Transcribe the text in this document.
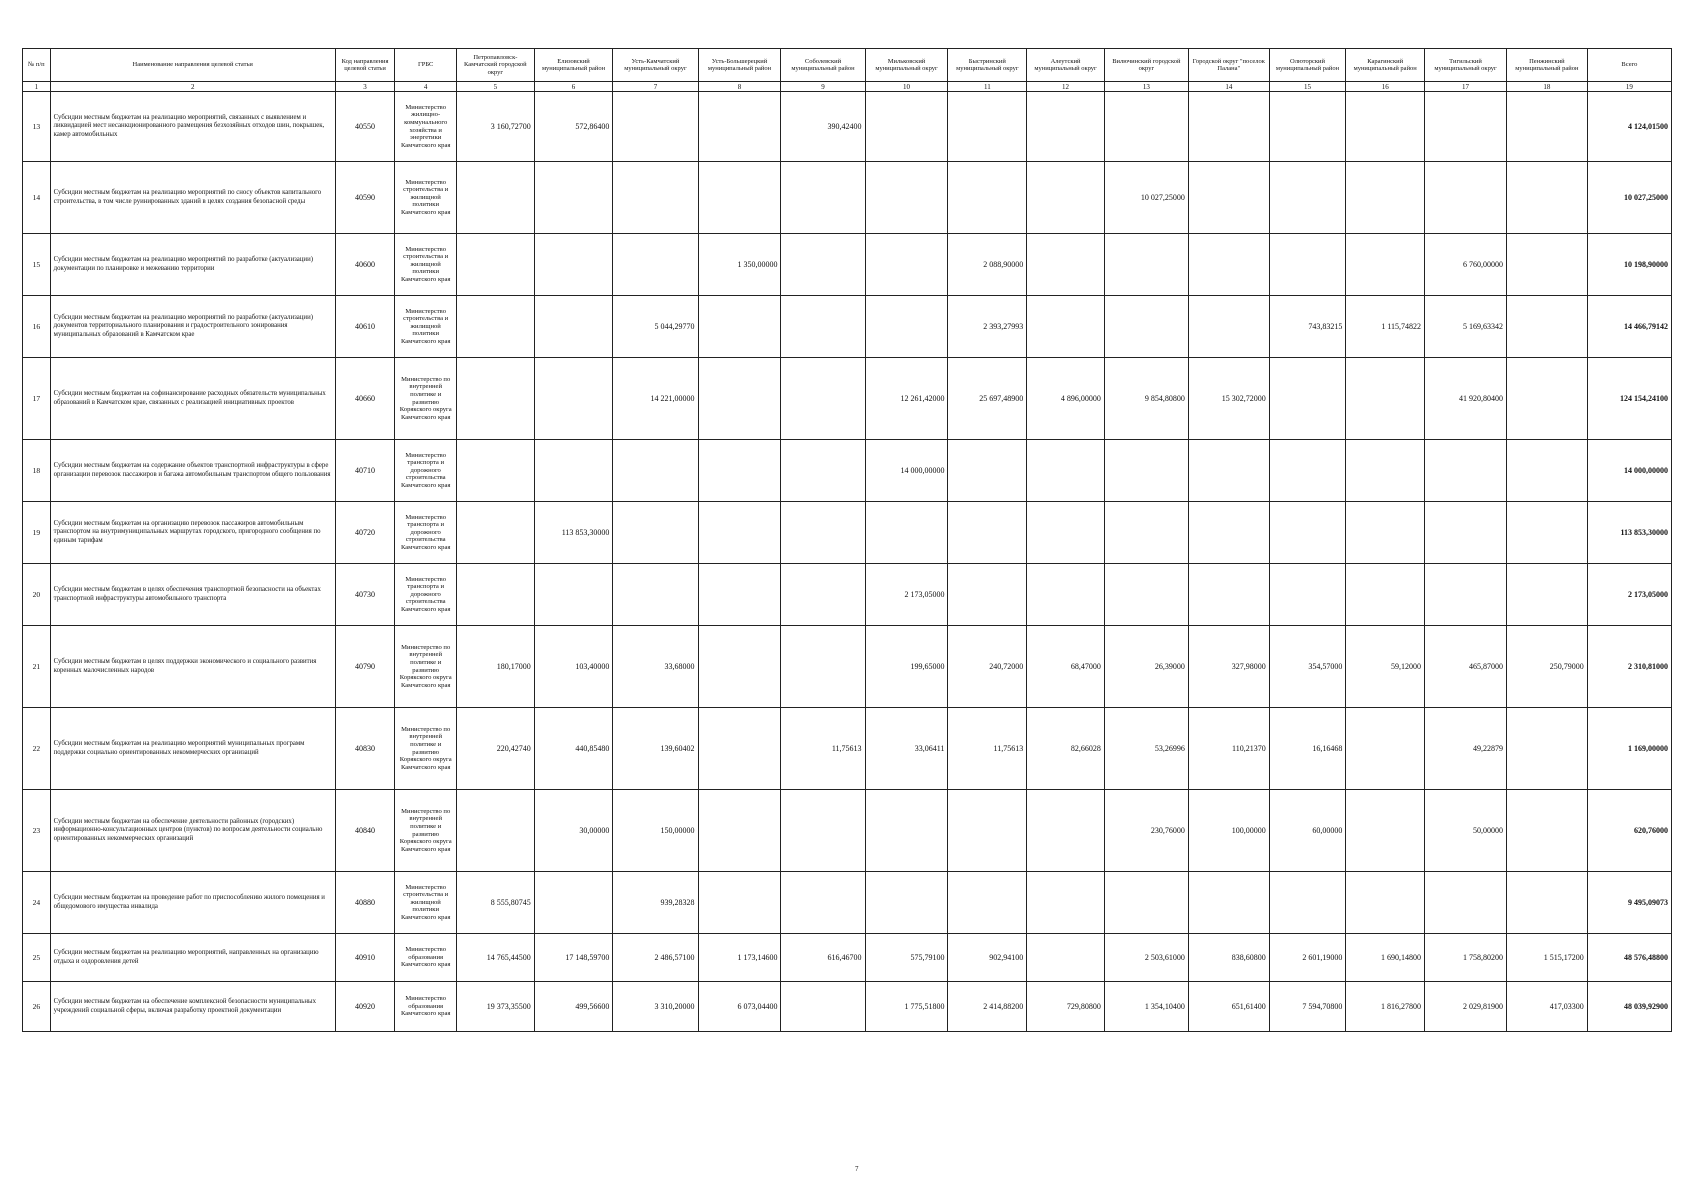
№ п/п	Наименование направления целевой статьи	Код направления целевой статьи	ГРБС	Петропавловск-Камчатский городской округ	Елизовский муниципальный район	Усть-Камчатский муниципальный округ	Усть-Большерецкий муниципальный район	Соболевский муниципальный район	Мильковский муниципальный округ	Быстринский муниципальный округ	Алеутский муниципальный округ	Вилючинский городской округ	Городской округ "поселок Палана"	Олюторский муниципальный район	Карагинский муниципальный район	Тигильский муниципальный округ	Пенжинский муниципальный район	Всего
1	2	3	4	5	6	7	8	9	10	11	12	13	14	15	16	17	18	19
13	Субсидии местным бюджетам на реализацию мероприятий, связанных с выявлением и ликвидацией мест несанкционированного размещения безхозяйных отходов шин, покрышек, камер автомобильных	40550	Министерство жилищно-коммунального хозяйства и энергетики Камчатского края	3 160,72700	572,86400			390,42400										4 124,01500
14	Субсидии местным бюджетам на реализацию мероприятий по сносу объектов капитального строительства, в том числе руинированных зданий в целях создания безопасной среды	40590	Министерство строительства и жилищной политики Камчатского края									10 027,25000						10 027,25000
15	Субсидии местным бюджетам на реализацию мероприятий по разработке (актуализации) документации по планировке и межеванию территории	40600	Министерство строительства и жилищной политики Камчатского края				1 350,00000			2 088,90000						6 760,00000		10 198,90000
16	Субсидии местным бюджетам на реализацию мероприятий по разработке (актуализации) документов территориального планирования и градостроительного зонирования муниципальных образований в Камчатском крае	40610	Министерство строительства и жилищной политики Камчатского края			5 044,29770				2 393,27993				743,83215	1 115,74822	5 169,63342		14 466,79142
17	Субсидии местным бюджетам на софинансирование расходных обязательств муниципальных образований в Камчатском крае, связанных с реализацией инициативных проектов	40660	Министерство по внутренней политике и развитию Корякского округа Камчатского края			14 221,00000			12 261,42000	25 697,48900	4 896,00000	9 854,80800	15 302,72000			41 920,80400		124 154,24100
18	Субсидии местным бюджетам на содержание объектов транспортной инфраструктуры в сфере организации перевозок пассажиров и багажа автомобильным транспортом общего пользования	40710	Министерство транспорта и дорожного строительства Камчатского края						14 000,00000									14 000,00000
19	Субсидии местным бюджетам на организацию перевозок пассажиров автомобильным транспортом на внутримуниципальных маршрутах городского, пригородного сообщения по единым тарифам	40720	Министерство транспорта и дорожного строительства Камчатского края		113 853,30000													113 853,30000
20	Субсидии местным бюджетам в целях обеспечения транспортной безопасности на объектах транспортной инфраструктуры автомобильного транспорта	40730	Министерство транспорта и дорожного строительства Камчатского края						2 173,05000									2 173,05000
21	Субсидии местным бюджетам в целях поддержки экономического и социального развития коренных малочисленных народов	40790	Министерство по внутренней политике и развитию Корякского округа Камчатского края	180,17000	103,40000	33,68000			199,65000	240,72000	68,47000	26,39000	327,98000	354,57000	59,12000	465,87000	250,79000	2 310,81000
22	Субсидии местным бюджетам на реализацию мероприятий муниципальных программ поддержки социально ориентированных некоммерческих организаций	40830	Министерство по внутренней политике и развитию Корякского округа Камчатского края	220,42740	440,85480	139,60402		11,75613	33,06411	11,75613	82,66028	53,26996	110,21370	16,16468		49,22879		1 169,00000
23	Субсидии местным бюджетам на обеспечение деятельности районных (городских) информационно-консультационных центров (пунктов) по вопросам деятельности социально ориентированных некоммерческих организаций	40840	Министерство по внутренней политике и развитию Корякского округа Камчатского края		30,00000	150,00000						230,76000	100,00000	60,00000		50,00000		620,76000
24	Субсидии местным бюджетам на проведение работ по приспособлению жилого помещения и общедомового имущества инвалида	40880	Министерство строительства и жилищной политики Камчатского края	8 555,80745		939,28328												9 495,09073
25	Субсидии местным бюджетам на реализацию мероприятий, направленных на организацию отдыха и оздоровления детей	40910	Министерство образования Камчатского края	14 765,44500	17 148,59700	2 486,57100	1 173,14600	616,46700	575,79100	902,94100		2 503,61000	838,60800	2 601,19000	1 690,14800	1 758,80200	1 515,17200	48 576,48800
26	Субсидии местным бюджетам на обеспечение комплексной безопасности муниципальных учреждений социальной сферы, включая разработку проектной документации	40920	Министерство образования Камчатского края	19 373,35500	499,56600	3 310,20000	6 073,04400		1 775,51800	2 414,88200	729,80800	1 354,10400	651,61400	7 594,70800	1 816,27800	2 029,81900	417,03300	48 039,92900
7
